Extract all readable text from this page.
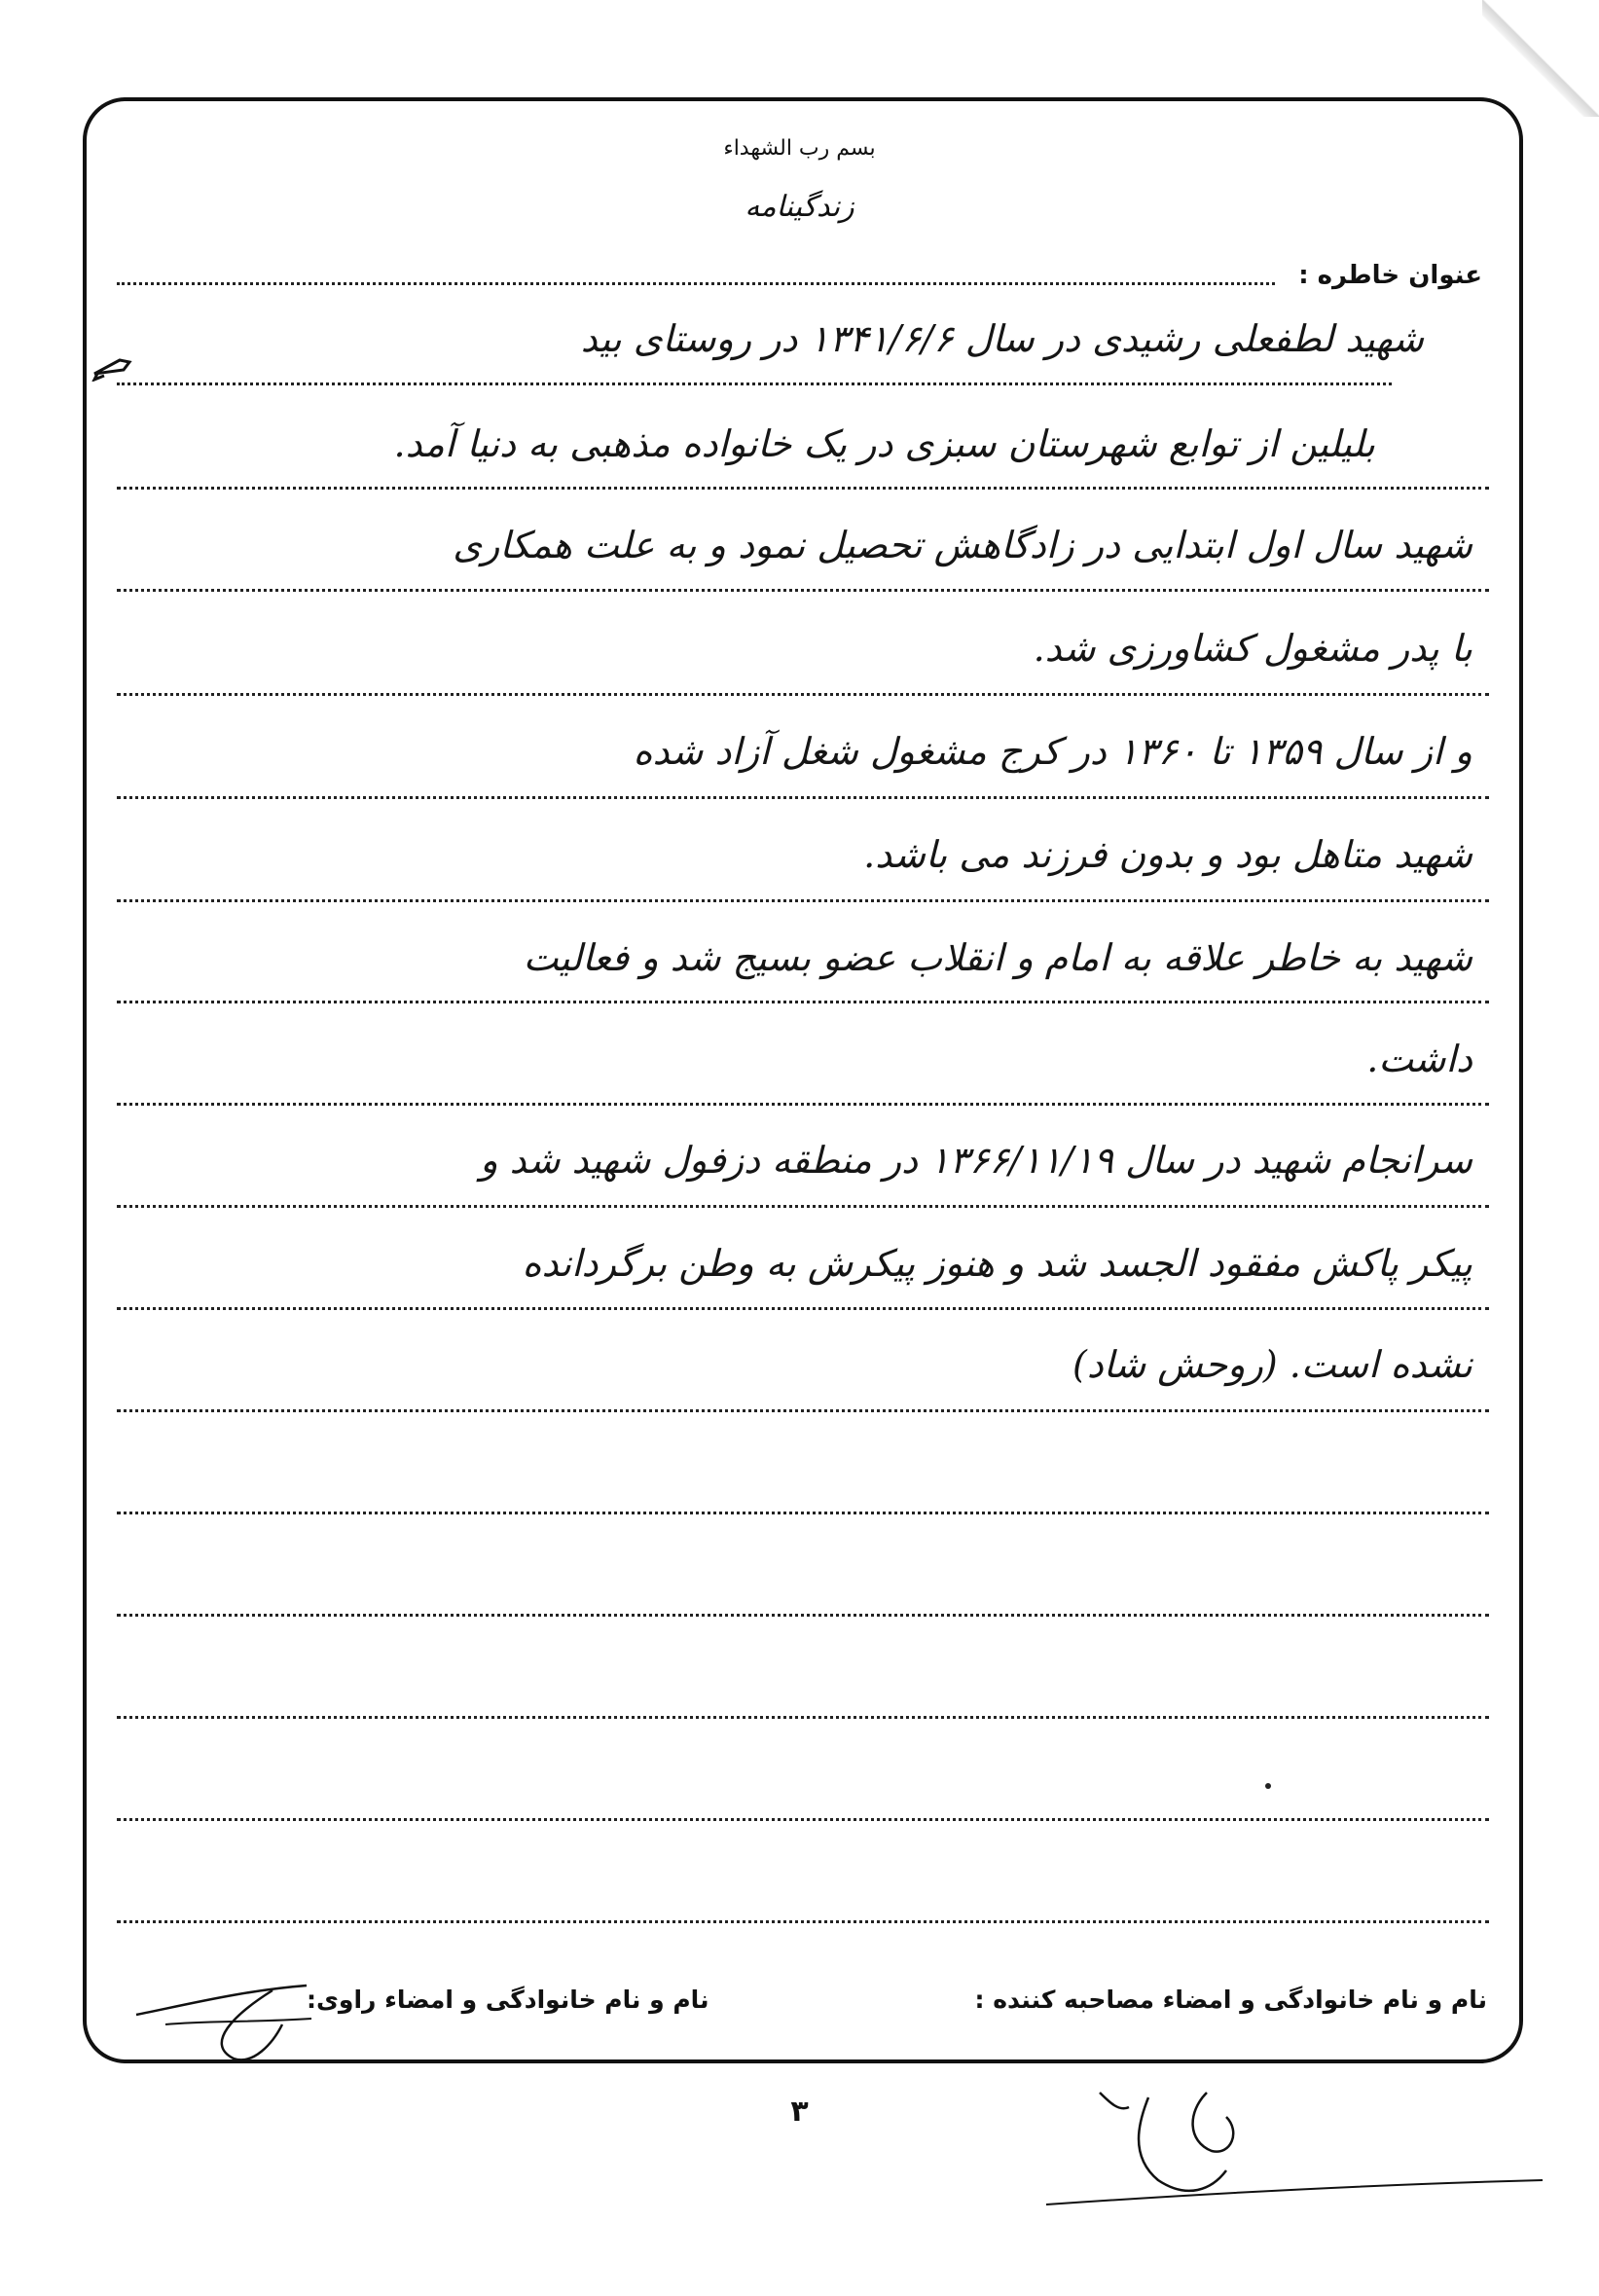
بسم رب الشهداء
زندگینامه
عنوان خاطره :
شهید لطفعلی رشیدی در سال ۱۳۴۱/۶/۶ در روستای بید
بلیلین از توابع شهرستان سبزی در یک خانواده مذهبی به دنیا آمد.
شهید سال اول ابتدایی در زادگاهش تحصیل نمود و به علت همکاری
با پدر مشغول کشاورزی شد.
و از سال ۱۳۵۹ تا ۱۳۶۰ در کرج مشغول شغل آزاد شده
شهید متاهل بود و بدون فرزند می باشد.
شهید به خاطر علاقه به امام و انقلاب عضو بسیج شد و فعالیت
داشت.
سرانجام شهید در سال ۱۳۶۶/۱۱/۱۹ در منطقه دزفول شهید شد و
پیکر پاکش مفقود الجسد شد و هنوز پیکرش به وطن برگردانده
نشده است. (روحش شاد)
نام و نام خانوادگی و امضاء مصاحبه کننده :
نام و نام خانوادگی و امضاء راوی:
۳
